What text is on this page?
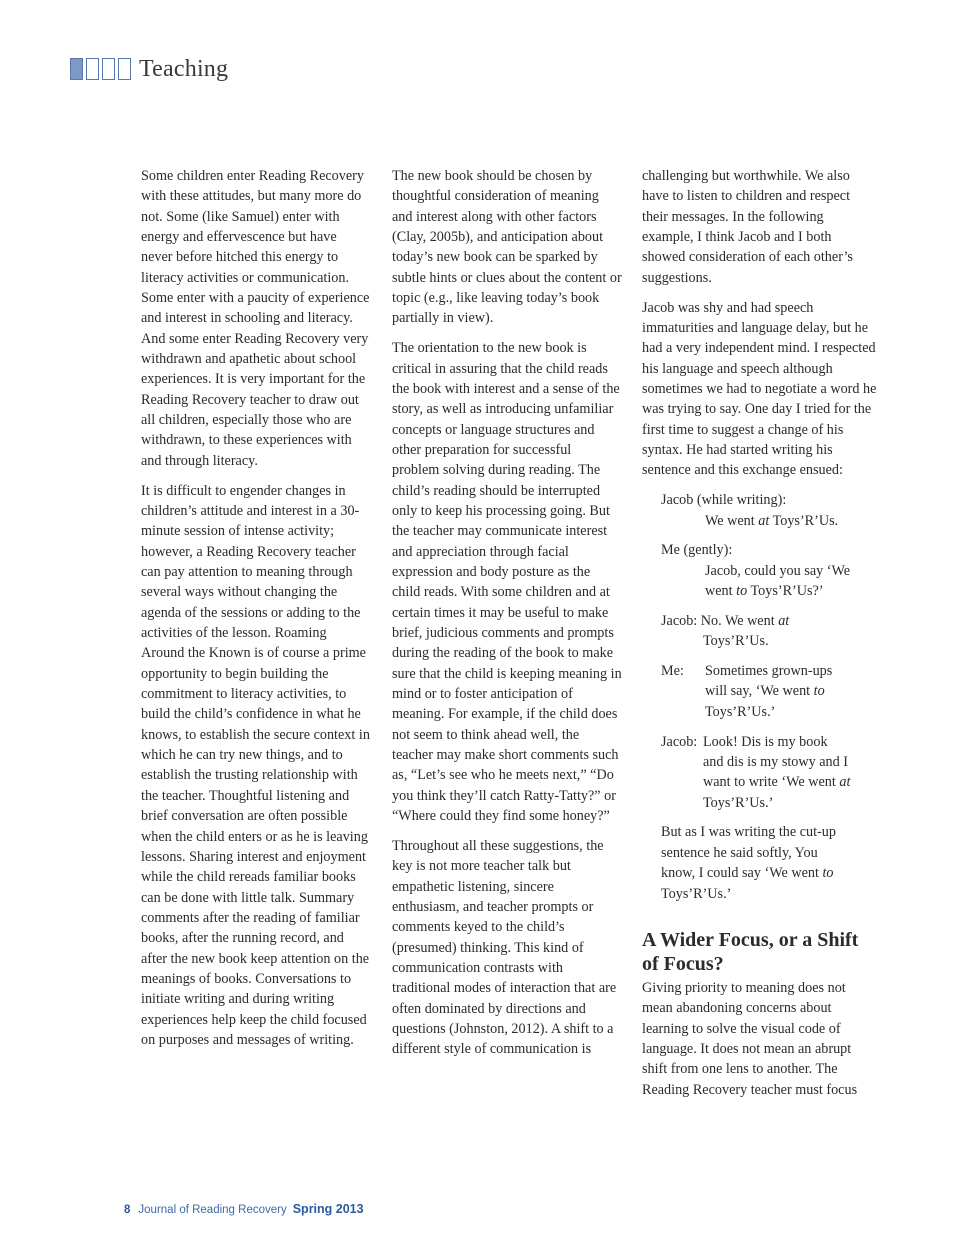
Teaching

Some children enter Reading Recovery with these attitudes, but many more do not. Some (like Samuel) enter with energy and effervescence but have never before hitched this energy to literacy activities or communication. Some enter with a paucity of experience and interest in schooling and literacy. And some enter Reading Recovery very withdrawn and apathetic about school experiences. It is very important for the Reading Recovery teacher to draw out all children, especially those who are withdrawn, to these experiences with and through literacy.

It is difficult to engender changes in children’s attitude and interest in a 30-minute session of intense activity; however, a Reading Recovery teacher can pay attention to meaning through several ways without changing the agenda of the sessions or adding to the activities of the lesson. Roaming Around the Known is of course a prime opportunity to begin building the commitment to literacy activities, to build the child’s confidence in what he knows, to establish the secure context in which he can try new things, and to establish the trusting relationship with the teacher. Thoughtful listening and brief conversation are often possible when the child enters or as he is leaving lessons. Sharing interest and enjoyment while the child rereads familiar books can be done with little talk. Summary comments after the reading of familiar books, after the running record, and after the new book keep attention on the meanings of books. Conversations to initiate writing and during writing experiences help keep the child focused on purposes and messages of writing.

The new book should be chosen by thoughtful consideration of meaning and interest along with other factors (Clay, 2005b), and anticipation about today’s new book can be sparked by subtle hints or clues about the content or topic (e.g., like leaving today’s book partially in view).

The orientation to the new book is critical in assuring that the child reads the book with interest and a sense of the story, as well as introducing unfamiliar concepts or language structures and other preparation for successful problem solving during reading. The child’s reading should be interrupted only to keep his processing going. But the teacher may communicate interest and appreciation through facial expression and body posture as the child reads. With some children and at certain times it may be useful to make brief, judicious comments and prompts during the reading of the book to make sure that the child is keeping meaning in mind or to foster anticipation of meaning. For example, if the child does not seem to think ahead well, the teacher may make short comments such as, “Let’s see who he meets next,” “Do you think they’ll catch Ratty-Tatty?” or “Where could they find some honey?”

Throughout all these suggestions, the key is not more teacher talk but empathetic listening, sincere enthusiasm, and teacher prompts or comments keyed to the child’s (presumed) thinking. This kind of communication contrasts with traditional modes of interaction that are often dominated by directions and questions (Johnston, 2012). A shift to a different style of communication is

challenging but worthwhile. We also have to listen to children and respect their messages. In the following example, I think Jacob and I both showed consideration of each other’s suggestions.

Jacob was shy and had speech immaturities and language delay, but he had a very independent mind. I respected his language and speech although sometimes we had to negotiate a word he was trying to say. One day I tried for the first time to suggest a change of his syntax. He had started writing his sentence and this exchange ensued:

Jacob (while writing):
We went at Toys’R’Us.
Me (gently):
Jacob, could you say ‘We
went to Toys’R’Us?’
Jacob: No. We went at
Toys’R’Us.
Me:	Sometimes grown-ups
will say, ‘We went to
Toys’R’Us.’
Jacob: Look! Dis is my book
and dis is my stowy and I
want to write ‘We went at
Toys’R’Us.’
But as I was writing the cut-up sentence he said softly, You know, I could say ‘We went to Toys’R’Us.’
A Wider Focus, or a Shift of Focus?

Giving priority to meaning does not mean abandoning concerns about learning to solve the visual code of language. It does not mean an abrupt shift from one lens to another. The Reading Recovery teacher must focus

8 Journal of Reading Recovery Spring 2013
